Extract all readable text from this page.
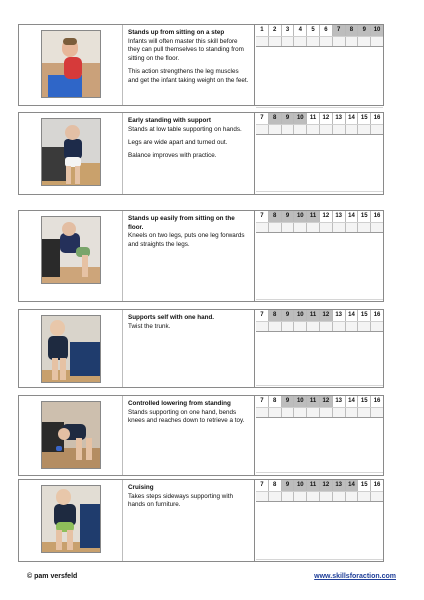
Stands up from sitting on a step

Infants will often master this skill before they can pull themselves to standing from sitting on the floor.

This action strengthens the leg muscles and get the infant taking weight on the feet.

1	2	3	4	5	6	7	8	9	10
Early standing with support

Stands at low table supporting on hands.

Legs are wide apart and turned out.

Balance improves with practice.

7	8	9	10	11	12	13	14	15	16
Stands up easily from sitting on the floor.

Kneels on two legs, puts one leg forwards and straights the legs.

7	8	9	10	11	12	13	14	15	16
Supports self with one hand.

Twist the trunk.

7	8	9	10	11	12	13	14	15	16
Controlled lowering from standing

Stands supporting on one hand, bends knees and reaches down to retrieve a toy.

7	8	9	10	11	12	13	14	15	16
Cruising

Takes steps sideways supporting with hands on furniture.

7	8	9	10	11	12	13	14	15	16
© pam versfeld	www.skillsforaction.com
